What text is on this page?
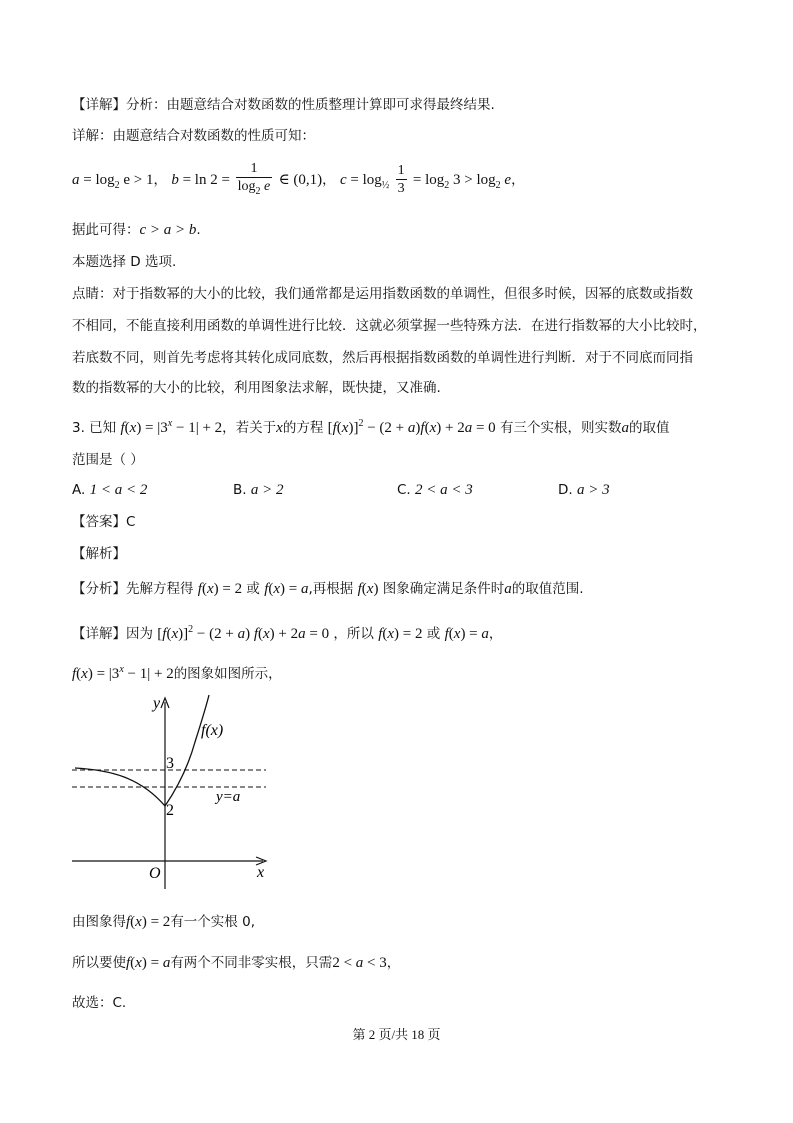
【详解】分析：由题意结合对数函数的性质整理计算即可求得最终结果.
详解：由题意结合对数函数的性质可知：
$a = \log_2 e > 1$， $b = \ln 2 = \frac{1}{\log_2 e}$ ∈ (0,1)， $c = \log_{\frac{1}{2}} \frac{1}{3} = \log_2 3 > \log_2 e$，
据此可得：c > a > b.
本题选择 D 选项.
点睛：对于指数幂的大小的比较，我们通常都是运用指数函数的单调性，但很多时候，因幂的底数或指数
不相同，不能直接利用函数的单调性进行比较．这就必须掌握一些特殊方法．在进行指数幂的大小比较时，
若底数不同，则首先考虑将其转化成同底数，然后再根据指数函数的单调性进行判断．对于不同底而同指
数的指数幂的大小的比较，利用图象法求解，既快捷，又准确.
3. 已知 $f(x) = |3^x - 1| + 2$，若关于x的方程 $[f(x)]^2 - (2 + a)f(x) + 2a = 0$ 有三个实根，则实数a的取值
范围是（ ）
A. 1 < a < 2	B. a > 2	C. 2 < a < 3	D. a > 3
【答案】C
【解析】
【分析】先解方程得 f(x) = 2 或 f(x) = a,再根据 f(x) 图象确定满足条件时a的取值范围.
【详解】因为 $[f(x)]^2 - (2 + a) f(x) + 2a = 0$ ，所以 f(x) = 2 或 f(x) = a，
$f(x) = |3^x - 1| + 2$的图象如图所示，
y
x
O
f(x)
3
2
y=a
由图象得f(x) = 2有一个实根 0,
所以要使f(x) = a有两个不同非零实根，只需2 < a < 3，
故选：C.
第 2 页/共 18 页
